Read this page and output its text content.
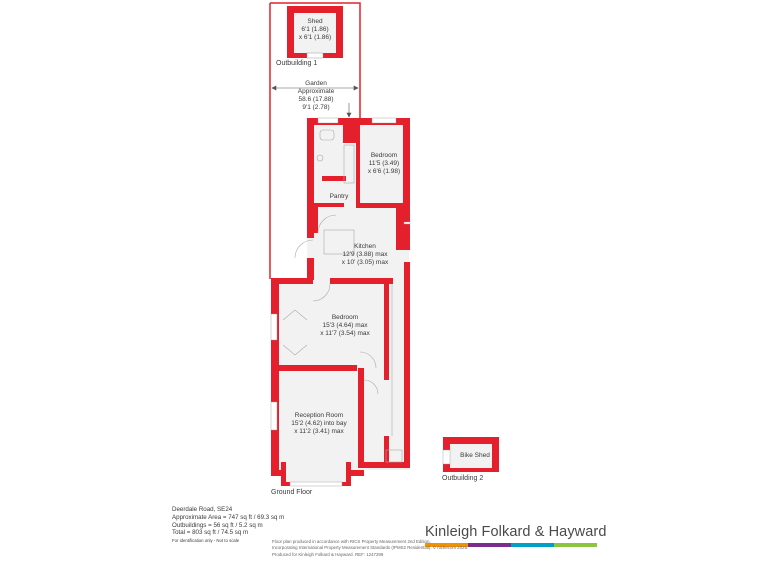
Shed
6'1 (1.86)
x 6'1 (1.86)
Outbuilding 1
Garden
Approximate
58.6 (17.88)
9'1 (2.78)
Bedroom
11'5 (3.49)
x 6'6 (1.98)
Pantry
Kitchen
12'9 (3.88) max
x 10' (3.05) max
Bedroom
15'3 (4.64) max
x 11'7 (3.54) max
Reception Room
15'2 (4.62) into bay
x 11'2 (3.41) max
Bike Shed
Ground Floor
Outbuilding 2
Deerdale Road, SE24
Approximate Area = 747 sq ft / 69.3 sq m
Outbuildings = 56 sq ft / 5.2 sq m
Total = 803 sq ft / 74.5 sq m
For identification only - Not to scale
Kinleigh Folkard & Hayward
Floor plan produced in accordance with RICS Property Measurement 2nd Edition,
Incorporating International Property Measurement Standards (IPMS2 Residential). © nichecom 2025.
Produced for Kinleigh Folkard & Hayward. REF: 1247299
